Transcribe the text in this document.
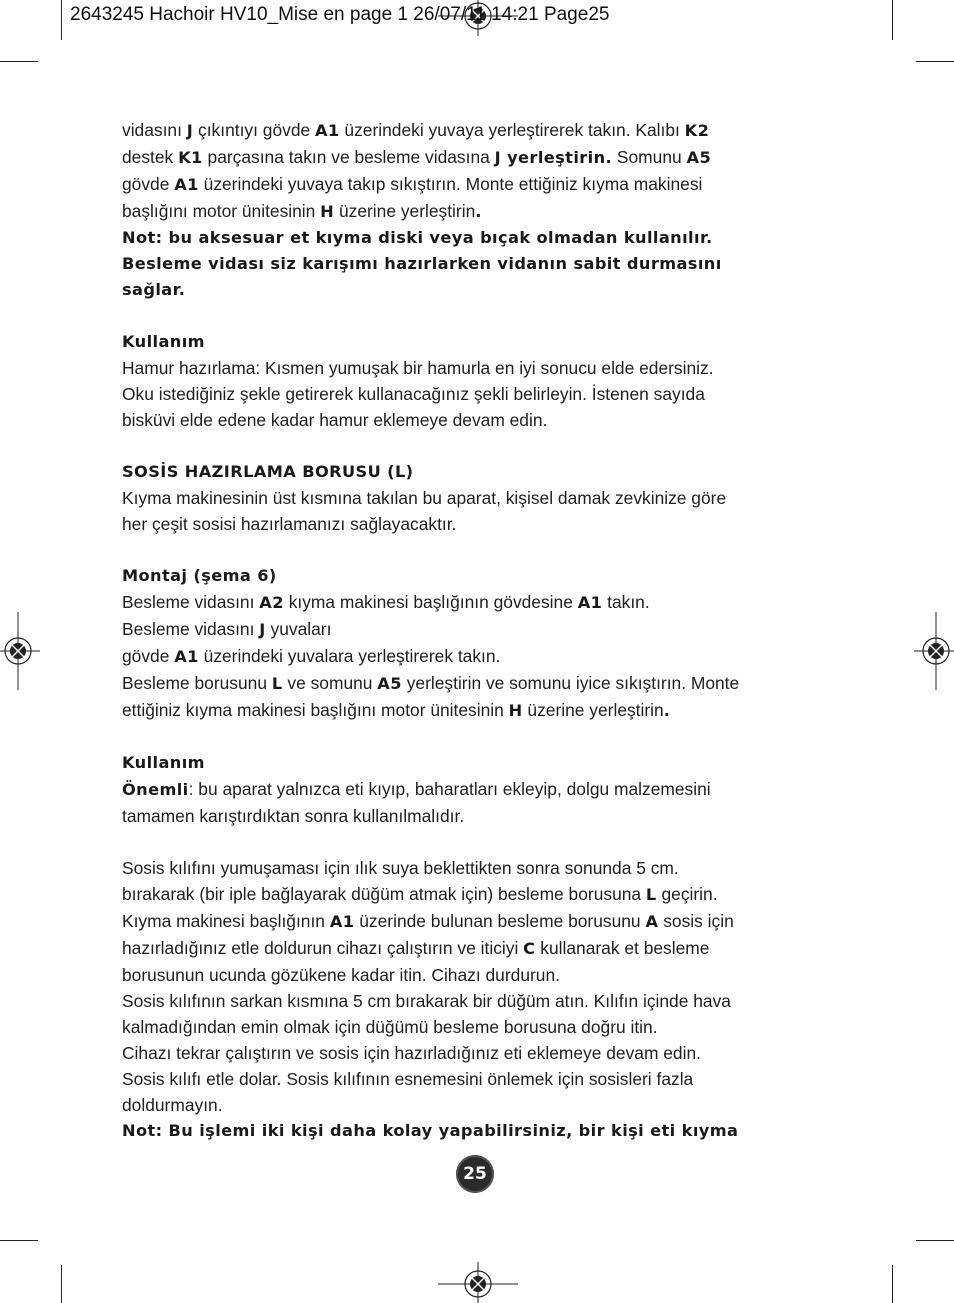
2643245 Hachoir HV10_Mise en page 1 26/07/11 14:21 Page25

vidasını J çıkıntıyı gövde A1 üzerindeki yuvaya yerleştirerek takın. Kalıbı K2
destek K1 parçasına takın ve besleme vidasına J yerleştirin. Somunu A5
gövde A1 üzerindeki yuvaya takıp sıkıştırın. Monte ettiğiniz kıyma makinesi
başlığını motor ünitesinin H üzerine yerleştirin.

Not: bu aksesuar et kıyma diski veya bıçak olmadan kullanılır.
Besleme vidası siz karışımı hazırlarken vidanın sabit durmasını
sağlar.

Kullanım

Hamur hazırlama: Kısmen yumuşak bir hamurla en iyi sonucu elde edersiniz.
Oku istediğiniz şekle getirerek kullanacağınız şekli belirleyin. İstenen sayıda
bisküvi elde edene kadar hamur eklemeye devam edin.

SOSİS HAZIRLAMA BORUSU (L)

Kıyma makinesinin üst kısmına takılan bu aparat, kişisel damak zevkinize göre
her çeşit sosisi hazırlamanızı sağlayacaktır.

Montaj (şema 6)

Besleme vidasını A2 kıyma makinesi başlığının gövdesine A1 takın.
Besleme vidasını J yuvaları
gövde A1 üzerindeki yuvalara yerleştirerek takın.
Besleme borusunu L ve somunu A5 yerleştirin ve somunu iyice sıkıştırın. Monte
ettiğiniz kıyma makinesi başlığını motor ünitesinin H üzerine yerleştirin.

Kullanım

Önemli: bu aparat yalnızca eti kıyıp, baharatları ekleyip, dolgu malzemesini
tamamen karıştırdıktan sonra kullanılmalıdır.

Sosis kılıfını yumuşaması için ılık suya beklettikten sonra sonunda 5 cm.
bırakarak (bir iple bağlayarak düğüm atmak için) besleme borusuna L geçirin.
Kıyma makinesi başlığının A1 üzerinde bulunan besleme borusunu A sosis için
hazırladığınız etle doldurun cihazı çalıştırın ve iticiyi C kullanarak et besleme
borusunun ucunda gözükene kadar itin. Cihazı durdurun.
Sosis kılıfının sarkan kısmına 5 cm bırakarak bir düğüm atın. Kılıfın içinde hava
kalmadığından emin olmak için düğümü besleme borusuna doğru itin.
Cihazı tekrar çalıştırın ve sosis için hazırladığınız eti eklemeye devam edin.
Sosis kılıfı etle dolar. Sosis kılıfının esnemesini önlemek için sosisleri fazla
doldurmayın.

Not: Bu işlemi iki kişi daha kolay yapabilirsiniz, bir kişi eti kıyma

25
